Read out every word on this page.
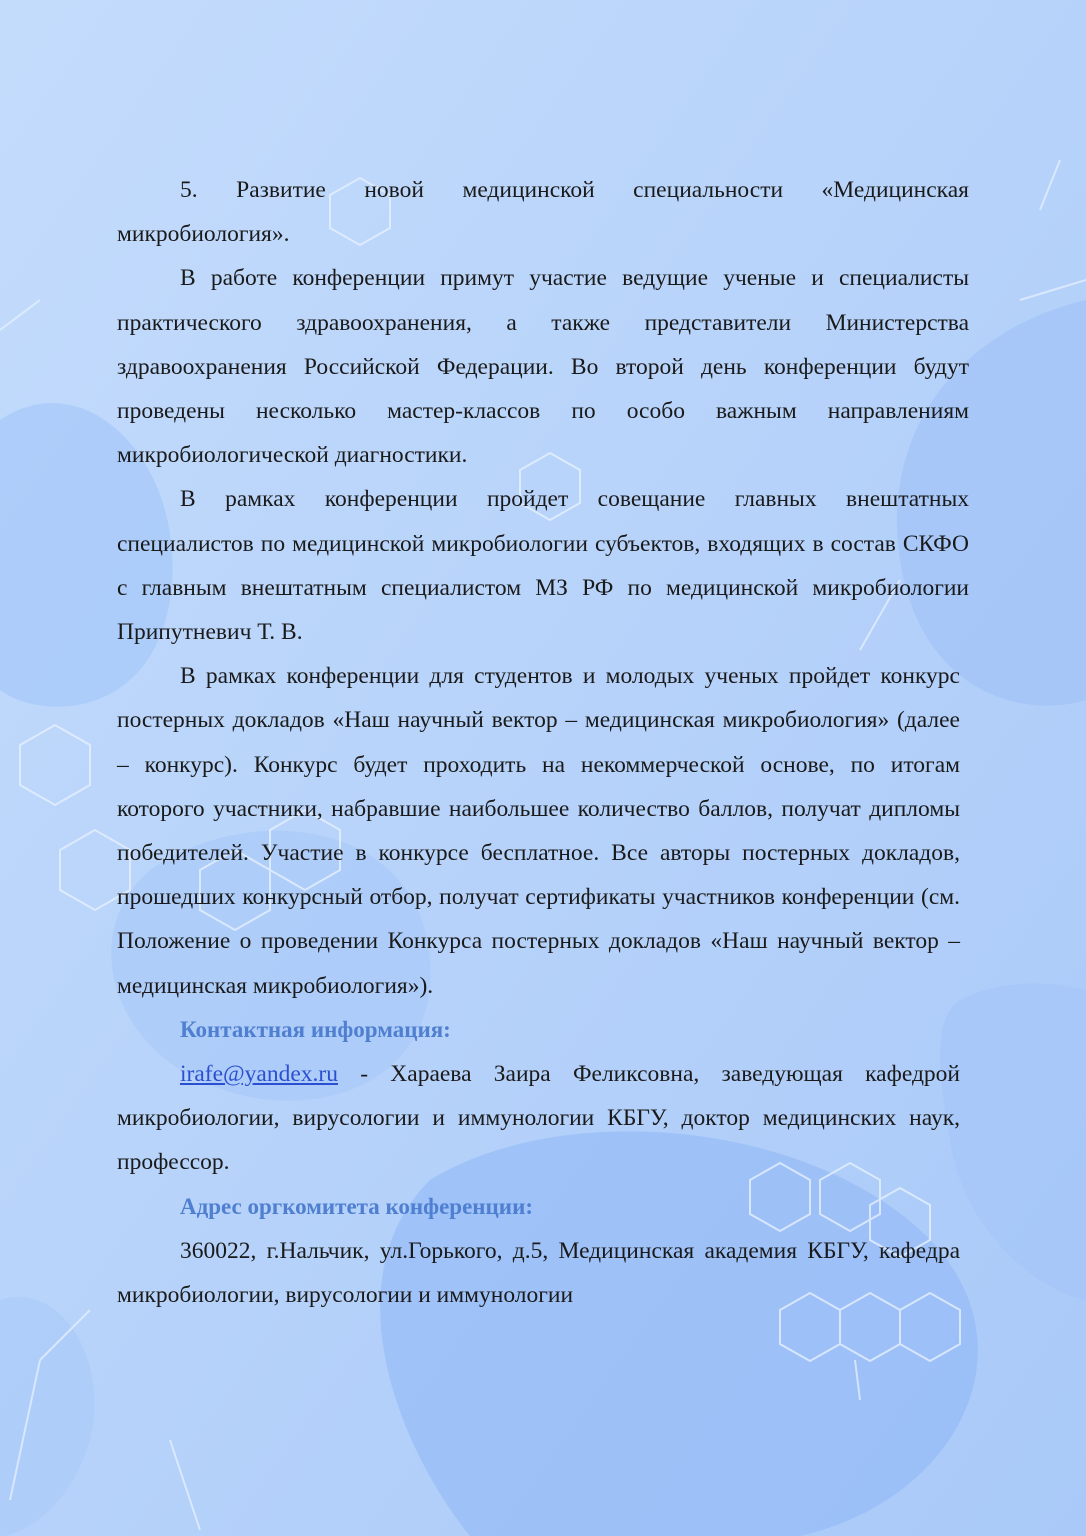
5. Развитие новой медицинской специальности «Медицинская микробиология».

В работе конференции примут участие ведущие ученые и специалисты практического здравоохранения, а также представители Министерства здравоохранения Российской Федерации. Во второй день конференции будут проведены несколько мастер-классов по особо важным направлениям микробиологической диагностики.

В рамках конференции пройдет совещание главных внештатных специалистов по медицинской микробиологии субъектов, входящих в состав СКФО с главным внештатным специалистом МЗ РФ по медицинской микробиологии Припутневич Т. В.

В рамках конференции для студентов и молодых ученых пройдет конкурс постерных докладов «Наш научный вектор – медицинская микробиология» (далее – конкурс). Конкурс будет проходить на некоммерческой основе, по итогам которого участники, набравшие наибольшее количество баллов, получат дипломы победителей. Участие в конкурсе бесплатное. Все авторы постерных докладов, прошедших конкурсный отбор, получат сертификаты участников конференции (см. Положение о проведении Конкурса постерных докладов «Наш научный вектор – медицинская микробиология»).

Контактная информация:

irafe@yandex.ru - Хараева Заира Феликсовна, заведующая кафедрой микробиологии, вирусологии и иммунологии КБГУ, доктор медицинских наук, профессор.

Адрес оргкомитета конференции:

360022, г.Нальчик, ул.Горького, д.5, Медицинская академия КБГУ, кафедра микробиологии, вирусологии и иммунологии
